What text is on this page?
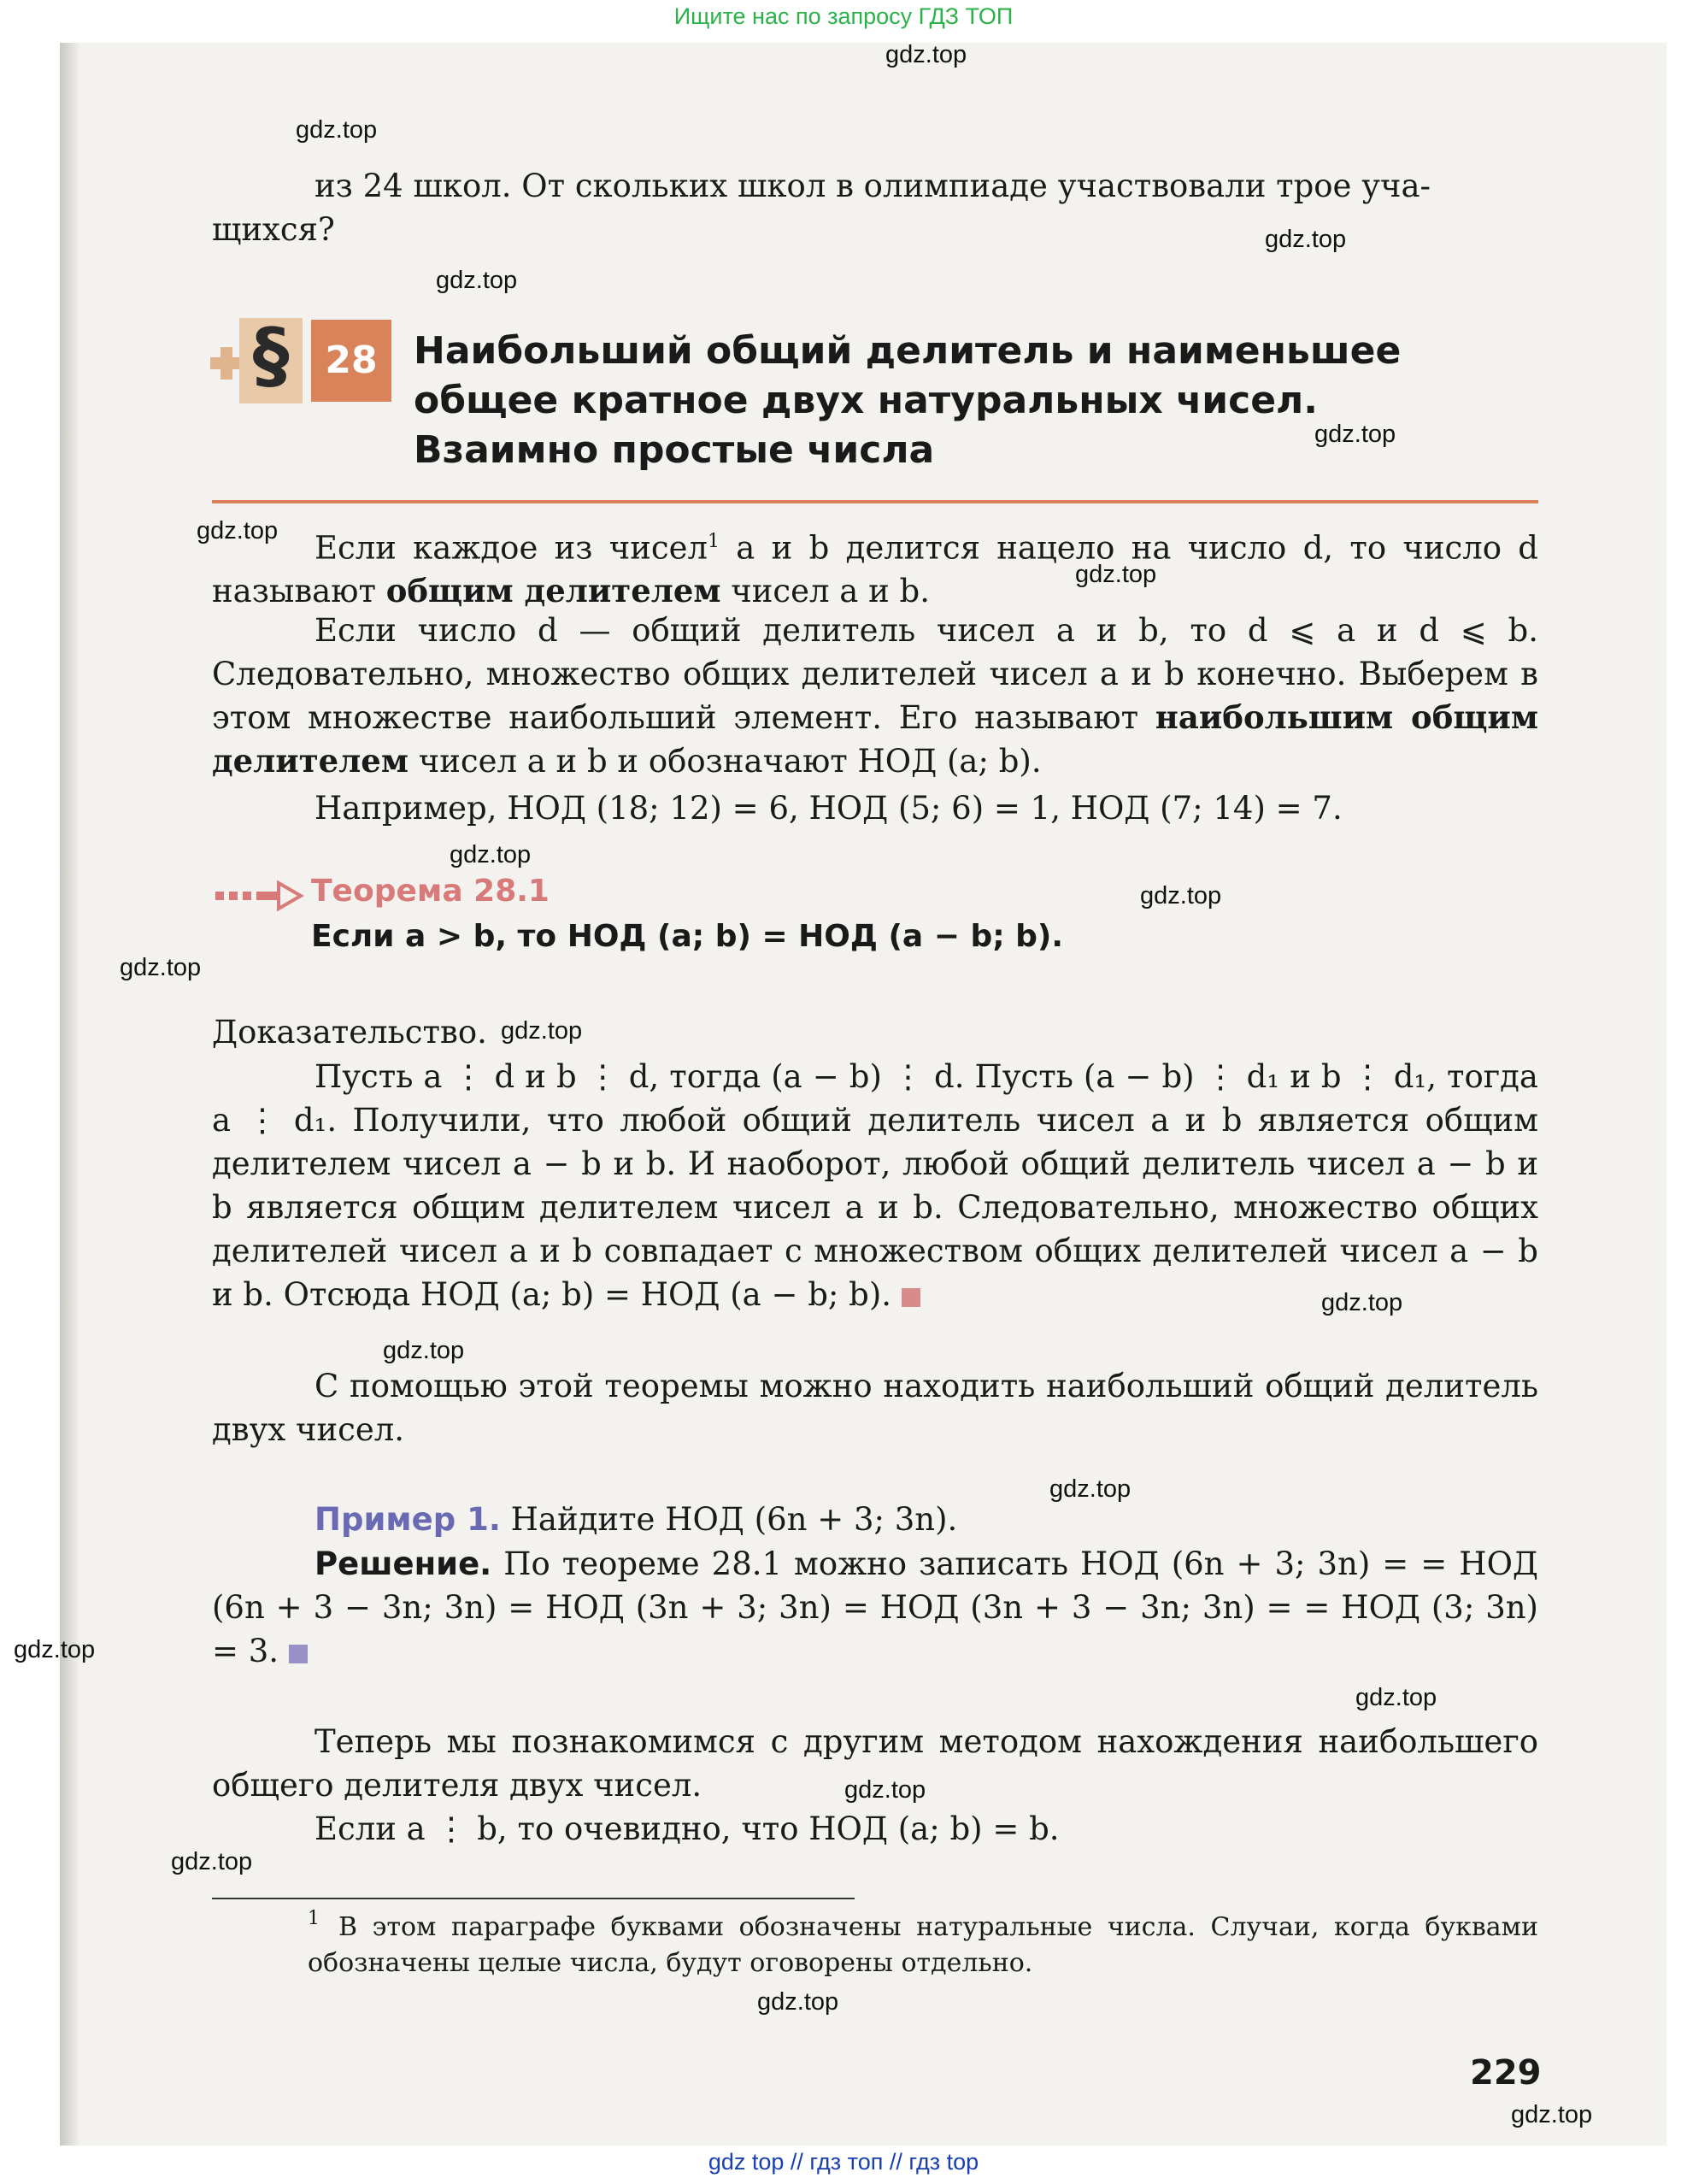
Ищите нас по запросу ГДЗ ТОП
gdz.top
gdz.top
gdz.top
gdz.top
gdz.top
gdz.top
gdz.top
gdz.top
gdz.top
gdz.top
gdz.top
gdz.top
gdz.top
gdz.top
gdz.top
gdz.top
gdz.top
gdz.top
gdz.top
gdz.top
из 24 школ. От скольких школ в олимпиаде участвовали трое уча-
щихся?
§ 28 Наибольший общий делитель и наименьшее
общее кратное двух натуральных чисел.
Взаимно простые числа

Если каждое из чисел$^1$ a и b делится нацело на число d, то число d называют общим делителем чисел a и b.

Если число d — общий делитель чисел a и b, то d ⩽ a и d ⩽ b. Следовательно, множество общих делителей чисел a и b конечно. Выберем в этом множестве наибольший элемент. Его называют наибольшим общим делителем чисел a и b и обозначают НОД (a; b).

Например, НОД (18; 12) = 6, НОД (5; 6) = 1, НОД (7; 14) = 7.

Теорема 28.1
Если a > b, то НОД (a; b) = НОД (a − b; b).
Доказательство.

Пусть a ⋮ d и b ⋮ d, тогда (a − b) ⋮ d. Пусть (a − b) ⋮ d₁ и b ⋮ d₁, тогда a ⋮ d₁. Получили, что любой общий делитель чисел a и b является общим делителем чисел a − b и b. И наоборот, любой общий делитель чисел a − b и b является общим делителем чисел a и b. Следовательно, множество общих делителей чисел a и b совпадает с множеством общих делителей чисел a − b и b. Отсюда НОД (a; b) = НОД (a − b; b).

С помощью этой теоремы можно находить наибольший общий делитель двух чисел.

Пример 1. Найдите НОД (6n + 3; 3n).

Решение. По теореме 28.1 можно записать НОД (6n + 3; 3n) = = НОД (6n + 3 − 3n; 3n) = НОД (3n + 3; 3n) = НОД (3n + 3 − 3n; 3n) = = НОД (3; 3n) = 3.

Теперь мы познакомимся с другим методом нахождения наибольшего общего делителя двух чисел.

Если a ⋮ b, то очевидно, что НОД (a; b) = b.

1 В этом параграфе буквами обозначены натуральные числа. Случаи, когда буквами обозначены целые числа, будут оговорены отдельно.
229
gdz top // гдз топ // гдз top
